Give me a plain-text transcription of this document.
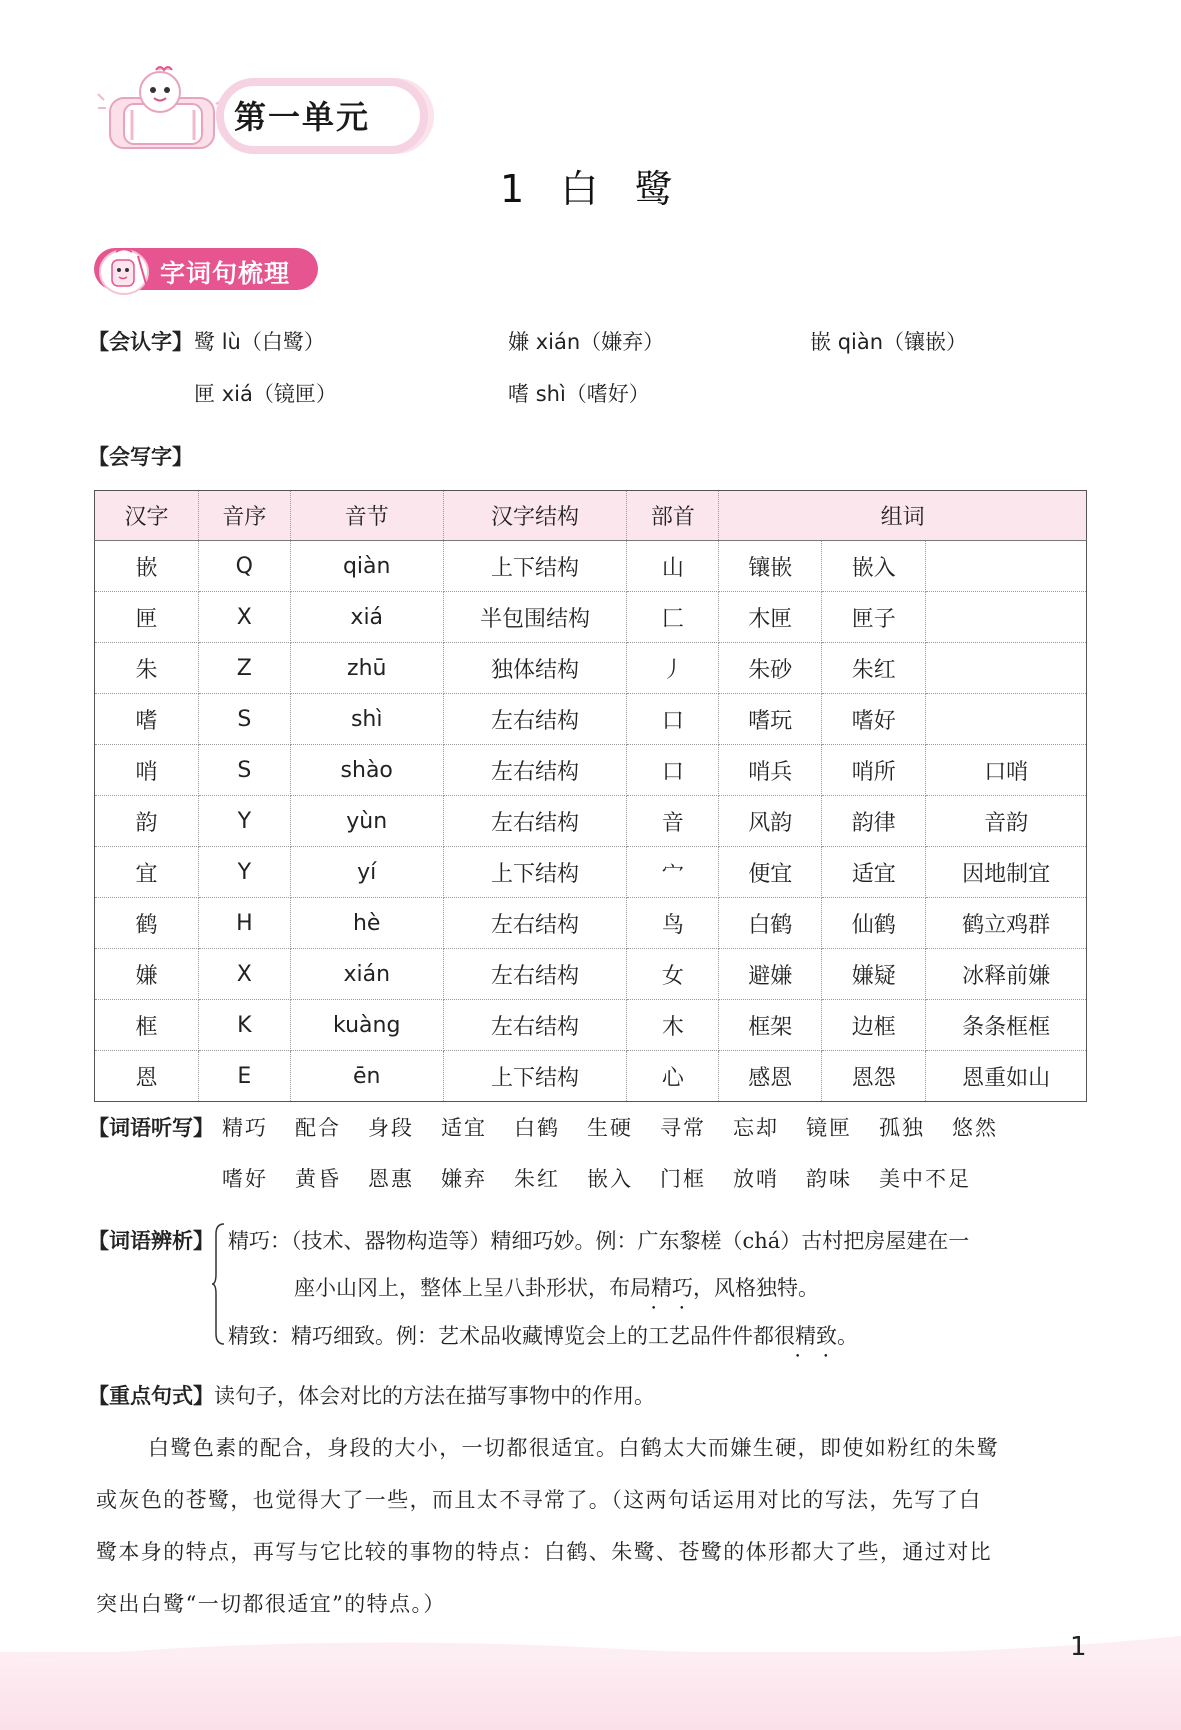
第一单元
1  白  鹭
字词句梳理
【会认字】 鹭 lù（白鹭）	嫌 xián（嫌弃）	嵌 qiàn（镶嵌）
匣 xiá（镜匣）	嗜 shì（嗜好）
【会写字】
汉字	音序	音节	汉字结构	部首	组词		
嵌	Q	qiàn	上下结构	山	镶嵌	嵌入	
匣	X	xiá	半包围结构	匚	木匣	匣子	
朱	Z	zhū	独体结构	丿	朱砂	朱红	
嗜	S	shì	左右结构	口	嗜玩	嗜好	
哨	S	shào	左右结构	口	哨兵	哨所	口哨
韵	Y	yùn	左右结构	音	风韵	韵律	音韵
宜	Y	yí	上下结构	宀	便宜	适宜	因地制宜
鹤	H	hè	左右结构	鸟	白鹤	仙鹤	鹤立鸡群
嫌	X	xián	左右结构	女	避嫌	嫌疑	冰释前嫌
框	K	kuàng	左右结构	木	框架	边框	条条框框
恩	E	ēn	上下结构	心	感恩	恩怨	恩重如山
【词语听写】 精巧 配合 身段 适宜 白鹤 生硬 寻常 忘却 镜匣 孤独 悠然
嗜好 黄昏 恩惠 嫌弃 朱红 嵌入 门框 放哨 韵味 美中不足
【词语辨析】 精巧：（技术、器物构造等）精细巧妙。例：广东黎槎（chá）古村把房屋建在一
座小山冈上，整体上呈八卦形状，布局精巧 • •，风格独特。
精致：精巧细致。例：艺术品收藏博览会上的工艺品件件都很精致 • •。
【重点句式】读句子，体会对比的方法在描写事物中的作用。
白鹭色素的配合，身段的大小，一切都很适宜。白鹤太大而嫌生硬，即使如粉红的朱鹭
或灰色的苍鹭，也觉得大了一些，而且太不寻常了。（这两句话运用对比的写法，先写了白
鹭本身的特点，再写与它比较的事物的特点：白鹤、朱鹭、苍鹭的体形都大了些，通过对比
突出白鹭“一切都很适宜”的特点。）
1
